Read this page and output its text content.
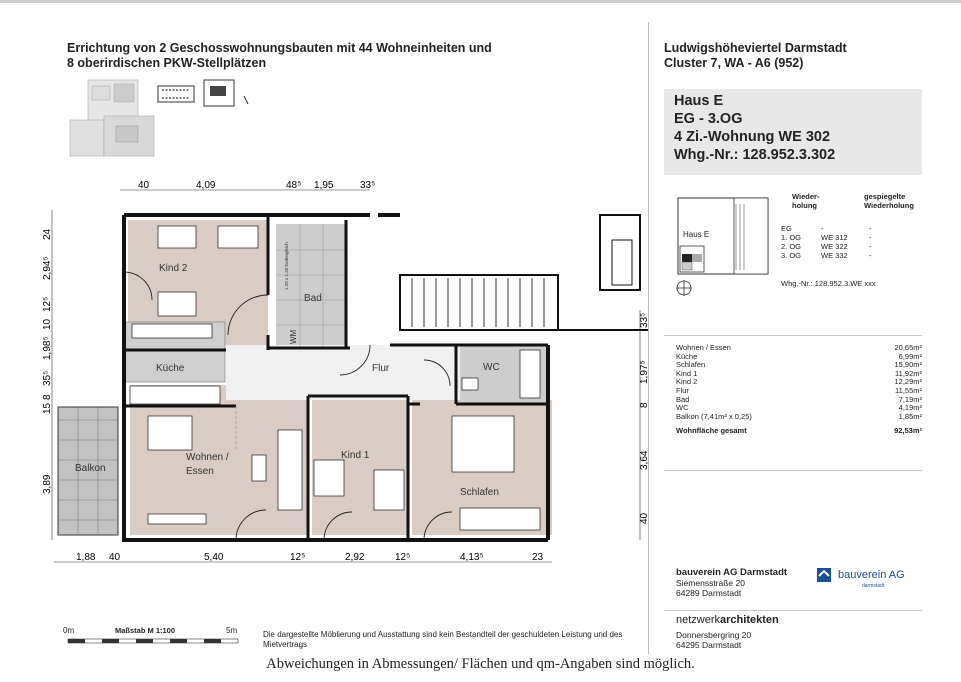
Errichtung von 2 Geschosswohnungsbauten mit 44 Wohneinheiten und
8 oberirdischen PKW-Stellplätzen
Ludwigshöheviertel Darmstadt
Cluster 7, WA - A6 (952)
Haus E
EG - 3.OG
4 Zi.-Wohnung WE 302
Whg.-Nr.: 128.952.3.302
Haus E
Wieder-
holung
gespiegelte
Wiederholung
EG	-	-
1. OG	WE 312	-
2. OG	WE 322	-
3. OG	WE 332	-
Whg.-Nr.: 128.952.3.WE xxx
Wohnen / Essen	20,65m²
Küche	6,99m²
Schlafen	15,90m²
Kind 1	11,92m²
Kind 2	12,29m²
Flur	11,55m²
Bad	7,19m²
WC	4,19m²
Balkon (7,41m² x 0,25)	1,85m²
Wohnfläche gesamt	92,53m²
bauverein AG Darmstadt
Siemensstraße 20
64289 Darmstadt
bauverein AG
darmstadt
netzwerkarchitekten
Donnersbergring 20
64295 Darmstadt
0m	Maßstab M 1:100	5m	Die dargestellte Möblierung und Ausstattung sind kein Bestandteil der geschuldeten Leistung und des Mietvertrags
Abweichungen in Abmessungen/ Flächen und qm-Angaben sind möglich.
Kind 2
Bad
Küche	Flur	WC
Wohnen /
Essen
Kind 1
Schlafen
Balkon
1,20 x 1,20 bodengleich
WM
40	4,09	48⁵ 1,95	33⁵
1,88 40	5,40	12⁵	2,92	12⁵	4,13⁵	23
24
2,94⁵
12⁵
10
1,98⁵
35⁵
8
15
3,89
33⁵
1,97⁵
8
3,64
40
